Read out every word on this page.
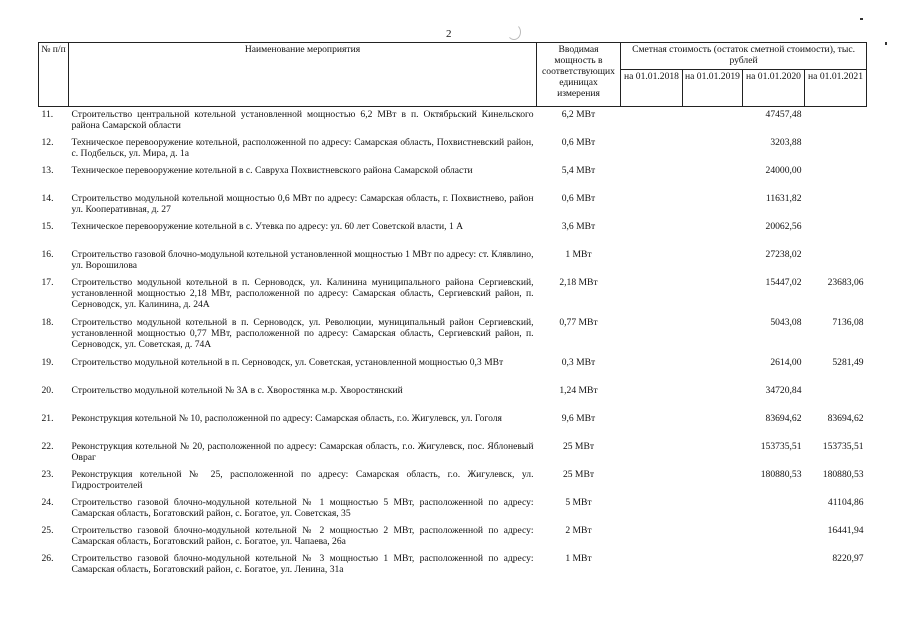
2
№ п/п	Наименование мероприятия	Вводимая мощность в соответствующих единицах измерения	Сметная стоимость (остаток сметной стоимости), тыс. рублей			
			на 01.01.2018	на 01.01.2019	на 01.01.2020	на 01.01.2021
11.	Строительство центральной котельной установленной мощностью 6,2 МВт в п. Октябрьский Кинельского района Самарской области	6,2 МВт			47457,48	
12.	Техническое перевооружение котельной, расположенной по адресу: Самарская область, Похвистневский район, с. Подбельск, ул. Мира, д. 1а	0,6 МВт			3203,88	
13.	Техническое перевооружение котельной в с. Савруха Похвистневского района Самарской области	5,4 МВт			24000,00	
14.	Строительство модульной котельной мощностью 0,6 МВт по адресу: Самарская область, г. Похвистнево, район ул. Кооперативная, д. 27	0,6 МВт			11631,82	
15.	Техническое перевооружение котельной в с. Утевка по адресу: ул. 60 лет Советской власти, 1 А	3,6 МВт			20062,56	
16.	Строительство газовой блочно-модульной котельной установленной мощностью 1 МВт по адресу: ст. Клявлино, ул. Ворошилова	1 МВт			27238,02	
17.	Строительство модульной котельной в п. Серноводск, ул. Калинина муниципального района Сергиевский, установленной мощностью 2,18 МВт, расположенной по адресу: Самарская область, Сергиевский район, п. Серноводск, ул. Калинина, д. 24А	2,18 МВт			15447,02	23683,06
18.	Строительство модульной котельной в п. Серноводск, ул. Революции, муниципальный район Сергиевский, установленной мощностью 0,77 МВт, расположенной по адресу: Самарская область, Сергиевский район, п. Серноводск, ул. Советская, д. 74А	0,77 МВт			5043,08	7136,08
19.	Строительство модульной котельной в п. Серноводск, ул. Советская, установленной мощностью 0,3 МВт	0,3 МВт			2614,00	5281,49
20.	Строительство модульной котельной № 3А в с. Хворостянка м.р. Хворостянский	1,24 МВт			34720,84	
21.	Реконструкция котельной № 10, расположенной по адресу: Самарская область, г.о. Жигулевск, ул. Гоголя	9,6 МВт			83694,62	83694,62
22.	Реконструкция котельной № 20, расположенной по адресу: Самарская область, г.о. Жигулевск, пос. Яблоневый Овраг	25 МВт			153735,51	153735,51
23.	Реконструкция котельной № 25, расположенной по адресу: Самарская область, г.о. Жигулевск, ул. Гидростроителей	25 МВт			180880,53	180880,53
24.	Строительство газовой блочно-модульной котельной № 1 мощностью 5 МВт, расположенной по адресу: Самарская область, Богатовский район, с. Богатое, ул. Советская, 35	5 МВт				41104,86
25.	Строительство газовой блочно-модульной котельной № 2 мощностью 2 МВт, расположенной по адресу: Самарская область, Богатовский район, с. Богатое, ул. Чапаева, 26а	2 МВт				16441,94
26.	Строительство газовой блочно-модульной котельной № 3 мощностью 1 МВт, расположенной по адресу: Самарская область, Богатовский район, с. Богатое, ул. Ленина, 31а	1 МВт				8220,97
